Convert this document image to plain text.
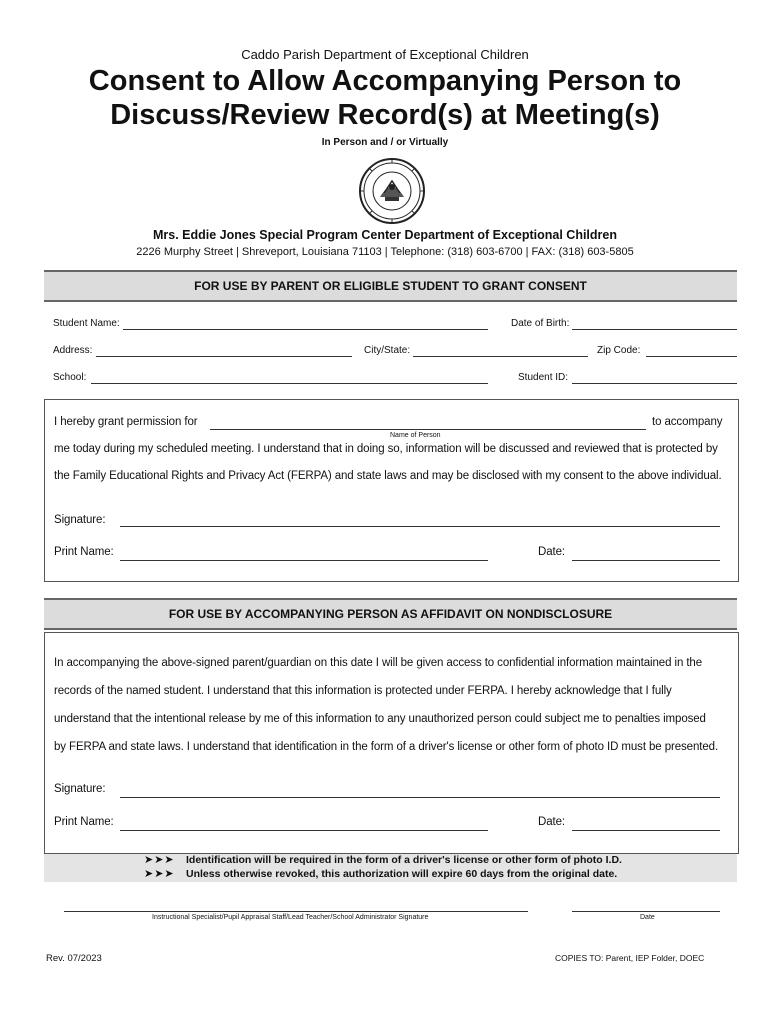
Caddo Parish Department of Exceptional Children
Consent to Allow Accompanying Person to
Discuss/Review Record(s) at Meeting(s)
In Person and / or Virtually
Mrs. Eddie Jones Special Program Center Department of Exceptional Children
2226 Murphy Street | Shreveport, Louisiana 71103 | Telephone: (318) 603-6700 | FAX: (318) 603-5805
FOR USE BY PARENT OR ELIGIBLE STUDENT TO GRANT CONSENT
Student Name:	Date of Birth:
Address:	City/State:	Zip Code:
School:	Student ID:
I hereby grant permission for
Name of Person
to accompany
me today during my scheduled meeting. I understand that in doing so, information will be discussed and reviewed that is protected by
the Family Educational Rights and Privacy Act (FERPA) and state laws and may be disclosed with my consent to the above individual.
Signature:
Print Name:	Date:
FOR USE BY ACCOMPANYING PERSON AS AFFIDAVIT ON NONDISCLOSURE
In accompanying the above-signed parent/guardian on this date I will be given access to confidential information maintained in the
records of the named student. I understand that this information is protected under FERPA. I hereby acknowledge that I fully
understand that the intentional release by me of this information to any unauthorized person could subject me to penalties imposed
by FERPA and state laws. I understand that identification in the form of a driver's license or other form of photo ID must be presented.
Signature:
Print Name:	Date:
➤➤➤ Identification will be required in the form of a driver's license or other form of photo I.D.
➤➤➤ Unless otherwise revoked, this authorization will expire 60 days from the original date.
Instructional Specialist/Pupil Appraisal Staff/Lead Teacher/School Administrator Signature	Date
Rev. 07/2023	COPIES TO: Parent, IEP Folder, DOEC
